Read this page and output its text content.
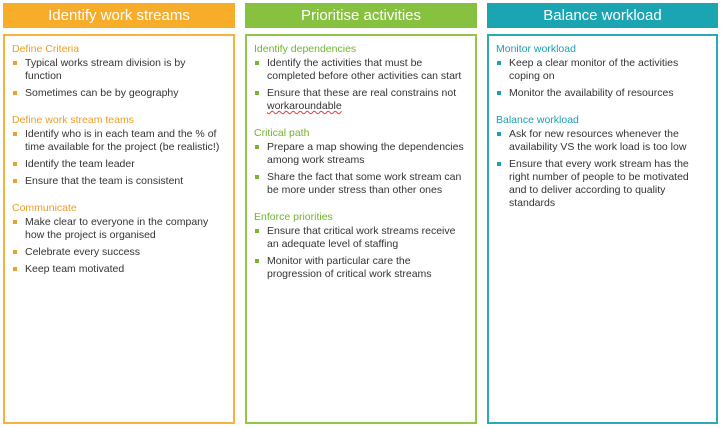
Identify work streams
Define Criteria
Typical works stream division is by function
Sometimes can be by geography
Define work stream teams
Identify who is in each team and the % of time available for the project (be realistic!)
Identify the team leader
Ensure that the team is consistent
Communicate
Make clear to everyone in the company how the project is organised
Celebrate every success
Keep team motivated
Prioritise activities
Identify dependencies
Identify the activities that must be completed before other activities can start
Ensure that these are real constrains not
workaroundable
Critical path
Prepare a map showing the dependencies among work streams
Share the fact that some work stream can be more under stress than other ones
Enforce priorities
Ensure that critical work streams receive an adequate level of staffing
Monitor with particular care the progression of critical work streams
Balance workload
Monitor workload
Keep a clear monitor of the activities coping on
Monitor the availability of resources
Balance workload
Ask for new resources whenever the availability VS the work load is too low
Ensure that every work stream has the right number of people to be motivated and to deliver according to quality standards
